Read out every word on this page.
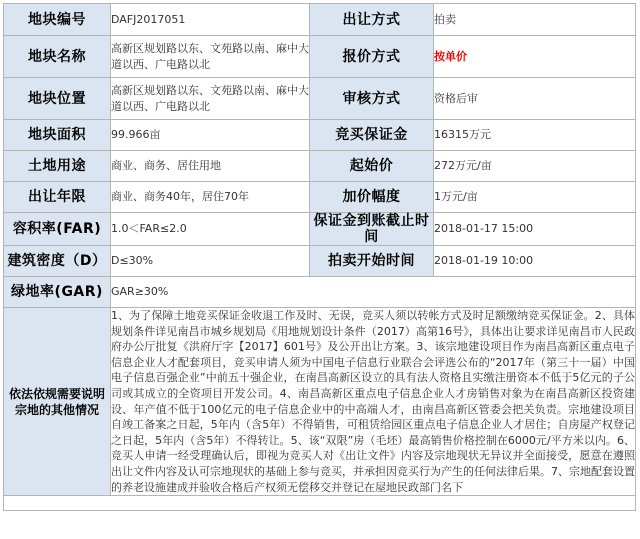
地块编号	DAFJ2017051	出让方式	拍卖
地块名称	高新区规划路以东、文苑路以南、麻中大道以西、广电路以北	报价方式	按单价
地块位置	高新区规划路以东、文苑路以南、麻中大道以西、广电路以北	审核方式	资格后审
地块面积	99.966亩	竞买保证金	16315万元
土地用途	商业、商务、居住用地	起始价	272万元/亩
出让年限	商业、商务40年，居住70年	加价幅度	1万元/亩
容积率(FAR)	1.0＜FAR≤2.0	保证金到账截止时间	2018-01-17 15:00
建筑密度（D）	D≤30%	拍卖开始时间	2018-01-19 10:00
绿地率(GAR)	GAR≥30%		
依法依规需要说明宗地的其他情况	1、为了保障土地竞买保证金收退工作及时、无误，竞买人须以转帐方式及时足额缴纳竞买保证金。2、具体规划条件详见南昌市城乡规划局《用地规划设计条件（2017）高第16号》，具体出让要求详见南昌市人民政府办公厅批复《洪府厅字【2017】601号》及公开出让方案。3、该宗地建设项目作为南昌高新区重点电子信息企业人才配套项目，竞买申请人须为中国电子信息行业联合会评选公布的“2017年（第三十一届）中国电子信息百强企业”中前五十强企业，在南昌高新区设立的具有法人资格且实缴注册资本不低于5亿元的子公司或其成立的全资项目开发公司。4、南昌高新区重点电子信息企业人才房销售对象为在南昌高新区投资建设、年产值不低于100亿元的电子信息企业中的中高端人才，由南昌高新区管委会把关负责。宗地建设项目自竣工备案之日起，5年内（含5年）不得销售，可租赁给园区重点电子信息企业人才居住；自房屋产权登记之日起，5年内（含5年）不得转让。5、该“双限”房（毛坯）最高销售价格控制在6000元/平方米以内。6、竞买人申请一经受理确认后，即视为竞买人对《出让文件》内容及宗地现状无异议并全面接受，愿意在遵照出让文件内容及认可宗地现状的基础上参与竞买，并承担因竞买行为产生的任何法律后果。7、宗地配套设置的养老设施建成并验收合格后产权须无偿移交并登记在屋地民政部门名下		
